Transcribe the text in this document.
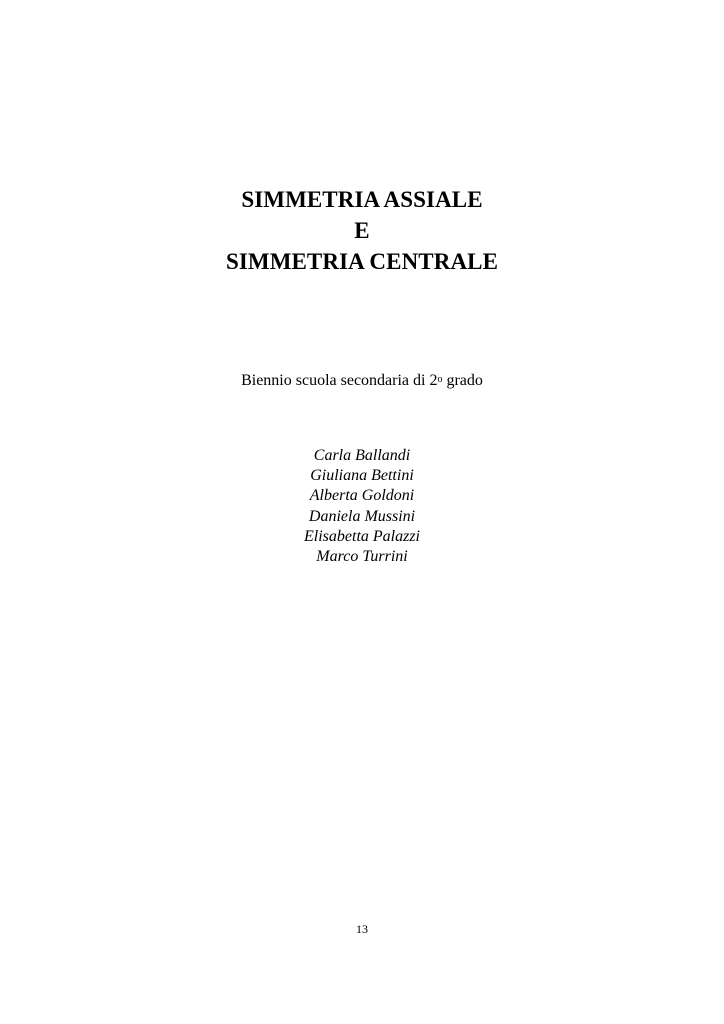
SIMMETRIA ASSIALE
E
SIMMETRIA CENTRALE
Biennio scuola secondaria di 2$^o$ grado
Carla Ballandi
Giuliana Bettini
Alberta Goldoni
Daniela Mussini
Elisabetta Palazzi
Marco Turrini
13
